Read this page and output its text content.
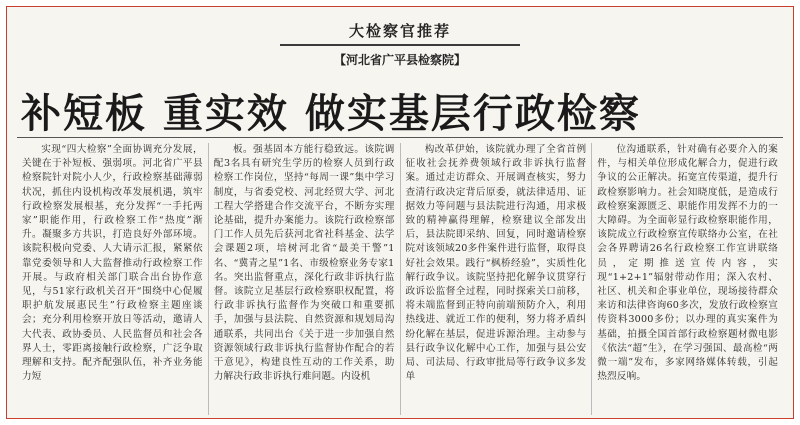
大检察官推荐
【河北省广平县检察院】
补短板 重实效 做实基层行政检察

实现“四大检察”全面协调充分发展，关键在于补短板、强弱项。河北省广平县检察院针对院小人少，行政检察基础薄弱状况，抓住内设机构改革发展机遇，筑牢行政检察发展根基，充分发挥“一手托两家”职能作用，行政检察工作“热度”渐升。凝聚多方共识，打造良好外部环境。该院积极向党委、人大请示汇报，紧紧依靠党委领导和人大监督推动行政检察工作开展。与政府相关部门联合出台协作意见，与51家行政机关召开“围绕中心促履职护航发展惠民生”行政检察主题座谈会；充分利用检察开放日等活动，邀请人大代表、政协委员、人民监督员和社会各界人士，零距离接触行政检察，广泛争取理解和支持。配齐配强队伍，补齐业务能力短

板。强基固本方能行稳致远。该院调配3名具有研究生学历的检察人员到行政检察工作岗位，坚持“每周一课”集中学习制度，与省委党校、河北经贸大学、河北工程大学搭建合作交流平台，不断夯实理论基础，提升办案能力。该院行政检察部门工作人员先后获河北省社科基金、法学会课题2项，培树河北省“最美干警”1名、“冀青之星”1名、市级检察业务专家1名。突出监督重点，深化行政非诉执行监督。该院立足基层行政检察职权配置，将行政非诉执行监督作为突破口和重要抓手，加强与县法院、自然资源和规划局沟通联系，共同出台《关于进一步加强自然资源领域行政非诉执行监督协作配合的若干意见》，构建良性互动的工作关系，助力解决行政非诉执行难问题。内设机

构改革伊始，该院就办理了全省首例征收社会抚养费领域行政非诉执行监督案。通过走访群众、开展调查核实，努力查清行政决定背后原委，就法律适用、证据效力等问题与县法院进行沟通，用求极致的精神赢得理解，检察建议全部发出后，县法院即采纳、回复，同时邀请检察院对该领域20多件案件进行监督，取得良好社会效果。践行“枫桥经验”，实质性化解行政争议。该院坚持把化解争议贯穿行政诉讼监督全过程，同时探索关口前移，将未端监督到正特向前端预防介入，利用热线进、就近工作的便利，努力将矛盾纠纷化解在基层，促进诉源治理。主动参与县行政争议化解中心工作，加强与县公安局、司法局、行政审批局等行政争议多发单

位沟通联系，针对确有必要介入的案件，与相关单位形成化解合力，促进行政争议的公正解决。拓宽宣传渠道，提升行政检察影响力。社会知晓度低，是造成行政检察案源匮乏、职能作用发挥不力的一大障碍。为全面彰显行政检察职能作用，该院成立行政检察宣传联络办公室，在社会各界聘请26名行政检察工作宣讲联络员，定期推送宣传内容，实现“1+2+1”辐射带动作用；深入农村、社区、机关和企事业单位，现场接待群众来访和法律咨询60多次，发放行政检察宣传资料3000多份；以办理的真实案件为基础，拍摄全国首部行政检察题材微电影《依法“超”生》，在学习强国、最高检“两微一端”发布，多家网络媒体转载，引起热烈反响。
